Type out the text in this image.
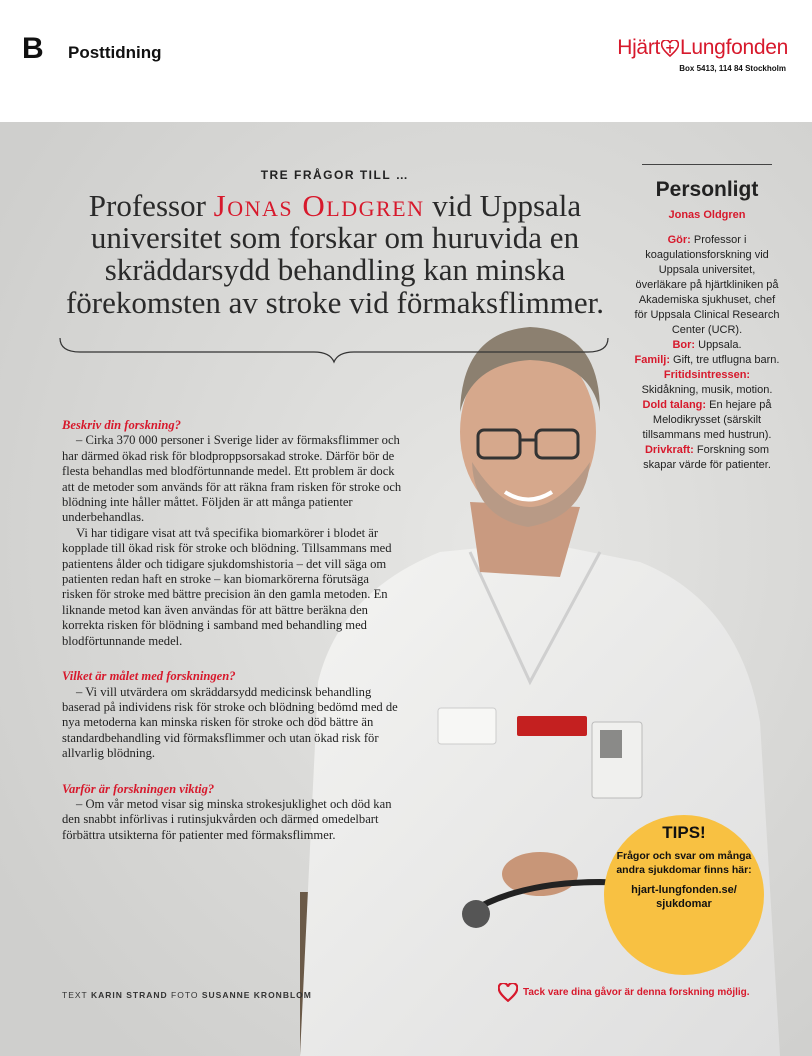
B Posttidning	Hjärt Lungfonden
Box 5413, 114 84 Stockholm
TRE FRÅGOR TILL …
Professor Jonas Oldgren vid Uppsala universitet som forskar om huruvida en skräddarsydd behandling kan minska förekomsten av stroke vid förmaksflimmer.

Beskriv din forskning?

– Cirka 370 000 personer i Sverige lider av förmaksflimmer och har därmed ökad risk för blodproppsorsakad stroke. Därför bör de flesta behandlas med blodförtunnande medel. Ett problem är dock att de metoder som används för att räkna fram risken för stroke och blödning inte håller måttet. Följden är att många patienter underbehandlas.

Vi har tidigare visat att två specifika biomarkörer i blodet är kopplade till ökad risk för stroke och blödning. Tillsammans med patientens ålder och tidigare sjukdomshistoria – det vill säga om patienten redan haft en stroke – kan biomarkörerna förutsäga risken för stroke med bättre precision än den gamla metoden. En liknande metod kan även användas för att bättre beräkna den korrekta risken för blödning i samband med behandling med blodförtunnande medel.

Vilket är målet med forskningen?

– Vi vill utvärdera om skräddarsydd medicinsk behandling baserad på individens risk för stroke och blödning bedömd med de nya metoderna kan minska risken för stroke och död bättre än standardbehandling vid förmaksflimmer och utan ökad risk för allvarlig blödning.

Varför är forskningen viktig?

– Om vår metod visar sig minska strokesjuklighet och död kan den snabbt införlivas i rutinsjukvården och därmed omedelbart förbättra utsikterna för patienter med förmaksflimmer.

TEXT KARIN STRAND FOTO SUSANNE KRONBLOM
Personligt

Jonas Oldgren

Gör: Professor i koagulationsforskning vid Uppsala universitet, överläkare på hjärtkliniken på Akademiska sjukhuset, chef för Uppsala Clinical Research Center (UCR).

Bor: Uppsala.

Familj: Gift, tre utflugna barn.

Fritidsintressen: Skidåkning, musik, motion.

Dold talang: En hejare på Melodikrysset (särskilt tillsammans med hustrun).

Drivkraft: Forskning som skapar värde för patienter.

TIPS!

Frågor och svar om många andra sjukdomar finns här:

hjart-lungfonden.se/ sjukdomar

Tack vare dina gåvor är denna forskning möjlig.
